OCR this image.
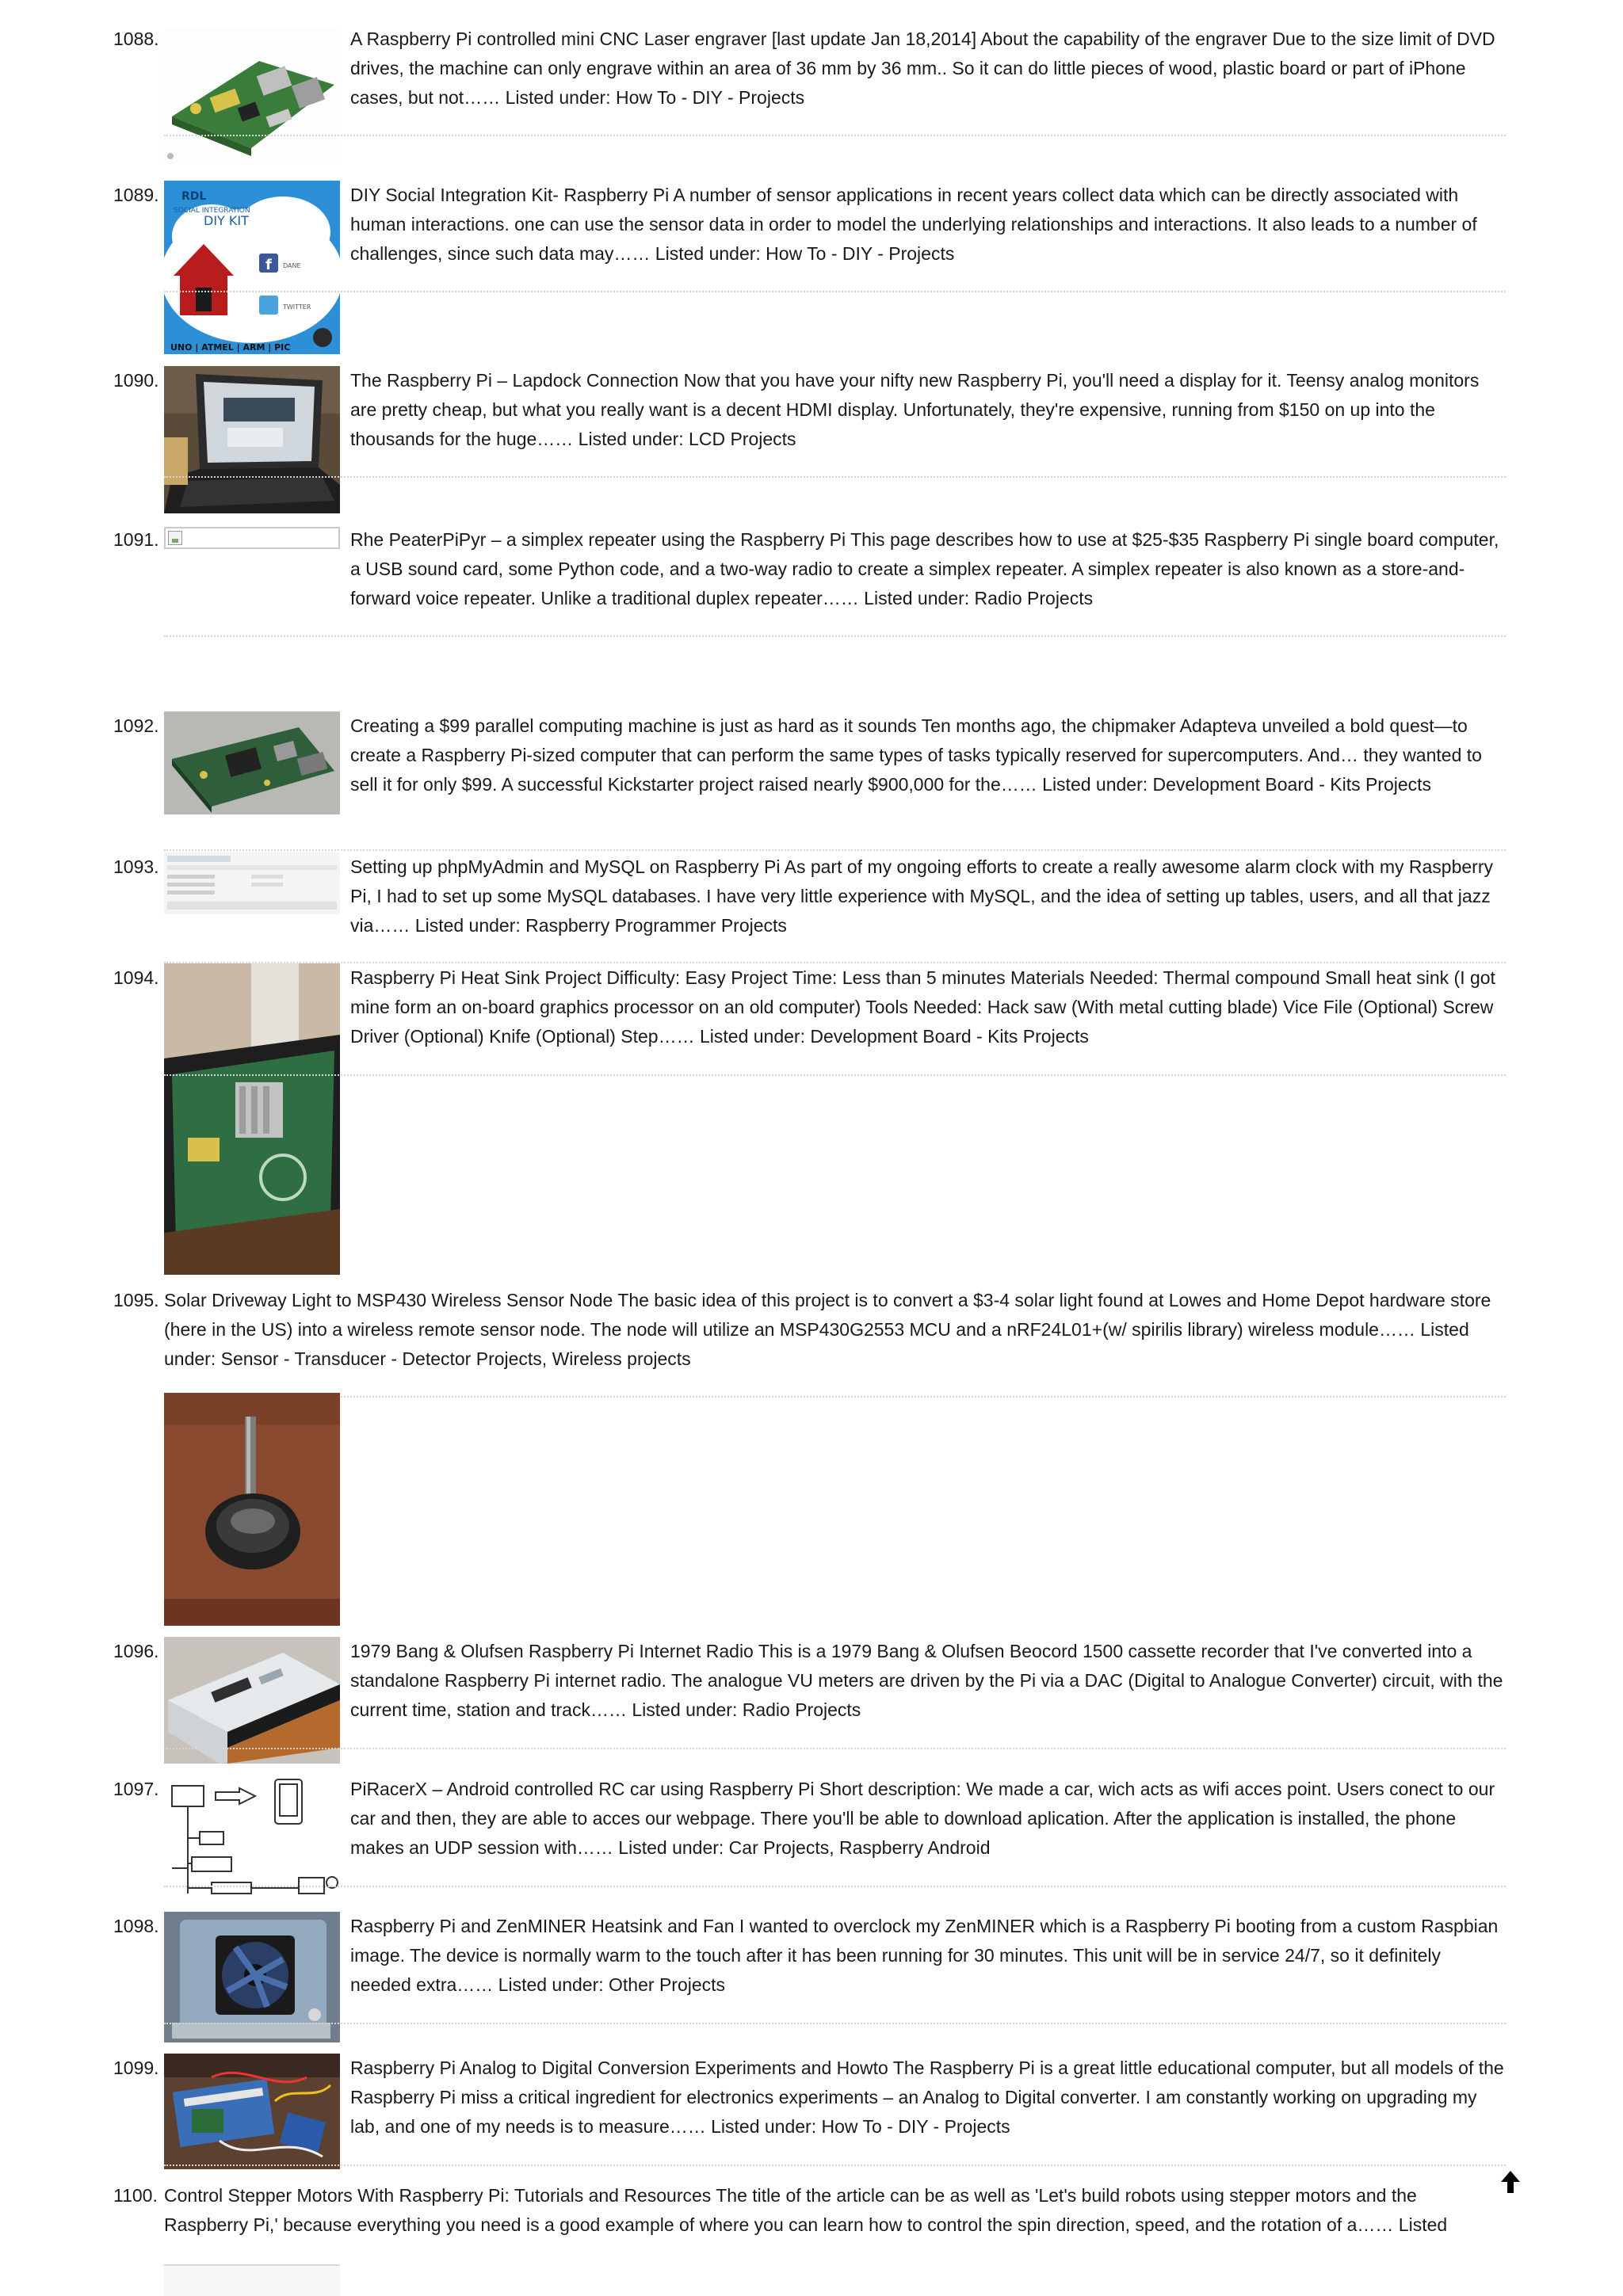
1088.	A Raspberry Pi controlled mini CNC Laser engraver [last update Jan 18,2014] About the capability of the engraver Due to the size limit of DVD drives, the machine can only engrave within an area of 36 mm by 36 mm.. So it can do little pieces of wood, plastic board or part of iPhone cases, but not…… Listed under: How To - DIY - Projects
1089. RDL
SOCIAL INTEGRATION
DIY KIT
f DANE
TWITTER
UNO | ATMEL | ARM | PIC
DIY Social Integration Kit- Raspberry Pi A number of sensor applications in recent years collect data which can be directly associated with human interactions. one can use the sensor data in order to model the underlying relationships and interactions. It also leads to a number of challenges, since such data may…… Listed under: How To - DIY - Projects
1090.	The Raspberry Pi – Lapdock Connection Now that you have your nifty new Raspberry Pi, you'll need a display for it. Teensy analog monitors are pretty cheap, but what you really want is a decent HDMI display. Unfortunately, they're expensive, running from $150 on up into the thousands for the huge…… Listed under: LCD Projects
1091.	Rhe PeaterPiPyr – a simplex repeater using the Raspberry Pi This page describes how to use at $25-$35 Raspberry Pi single board computer, a USB sound card, some Python code, and a two-way radio to create a simplex repeater. A simplex repeater is also known as a store-and-forward voice repeater. Unlike a traditional duplex repeater…… Listed under: Radio Projects
1092.	Creating a $99 parallel computing machine is just as hard as it sounds Ten months ago, the chipmaker Adapteva unveiled a bold quest—to create a Raspberry Pi-sized computer that can perform the same types of tasks typically reserved for supercomputers. And… they wanted to sell it for only $99. A successful Kickstarter project raised nearly $900,000 for the…… Listed under: Development Board - Kits Projects
1093.	Setting up phpMyAdmin and MySQL on Raspberry Pi As part of my ongoing efforts to create a really awesome alarm clock with my Raspberry Pi, I had to set up some MySQL databases. I have very little experience with MySQL, and the idea of setting up tables, users, and all that jazz via…… Listed under: Raspberry Programmer Projects
1094.	Raspberry Pi Heat Sink Project Difficulty: Easy Project Time: Less than 5 minutes Materials Needed: Thermal compound Small heat sink (I got mine form an on-board graphics processor on an old computer) Tools Needed: Hack saw (With metal cutting blade) Vice File (Optional) Screw Driver (Optional) Knife (Optional) Step…… Listed under: Development Board - Kits Projects
1095. Solar Driveway Light to MSP430 Wireless Sensor Node The basic idea of this project is to convert a $3-4 solar light found at Lowes and Home Depot hardware store (here in the US) into a wireless remote sensor node. The node will utilize an MSP430G2553 MCU and a nRF24L01+(w/ spirilis library) wireless module…… Listed under: Sensor - Transducer - Detector Projects, Wireless projects
1096.	1979 Bang & Olufsen Raspberry Pi Internet Radio This is a 1979 Bang & Olufsen Beocord 1500 cassette recorder that I've converted into a standalone Raspberry Pi internet radio. The analogue VU meters are driven by the Pi via a DAC (Digital to Analogue Converter) circuit, with the current time, station and track…… Listed under: Radio Projects
1097.	PiRacerX – Android controlled RC car using Raspberry Pi Short description: We made a car, wich acts as wifi acces point. Users conect to our car and then, they are able to acces our webpage. There you'll be able to download aplication. After the application is installed, the phone makes an UDP session with…… Listed under: Car Projects, Raspberry Android
1098.	Raspberry Pi and ZenMINER Heatsink and Fan I wanted to overclock my ZenMINER which is a Raspberry Pi booting from a custom Raspbian image. The device is normally warm to the touch after it has been running for 30 minutes. This unit will be in service 24/7, so it definitely needed extra…… Listed under: Other Projects
1099.	Raspberry Pi Analog to Digital Conversion Experiments and Howto The Raspberry Pi is a great little educational computer, but all models of the Raspberry Pi miss a critical ingredient for electronics experiments – an Analog to Digital converter. I am constantly working on upgrading my lab, and one of my needs is to measure…… Listed under: How To - DIY - Projects
1100. Control Stepper Motors With Raspberry Pi: Tutorials and Resources The title of the article can be as well as 'Let's build robots using stepper motors and the Raspberry Pi,' because everything you need is a good example of where you can learn how to control the spin direction, speed, and the rotation of a…… Listed
